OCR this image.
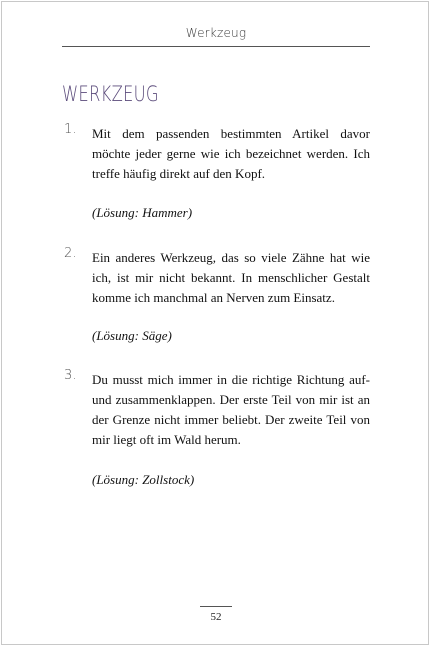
Werkzeug
WERKZEUG
1. Mit dem passenden bestimmten Artikel davor möchte jeder gerne wie ich bezeichnet werden. Ich treffe häufig direkt auf den Kopf.

(Lösung: Hammer)

2. Ein anderes Werkzeug, das so viele Zähne hat wie ich, ist mir nicht bekannt. In menschlicher Gestalt komme ich manchmal an Nerven zum Einsatz.

(Lösung: Säge)

3. Du musst mich immer in die richtige Richtung auf- und zusammenklappen. Der erste Teil von mir ist an der Grenze nicht immer beliebt. Der zweite Teil von mir liegt oft im Wald herum.

(Lösung: Zollstock)

52
